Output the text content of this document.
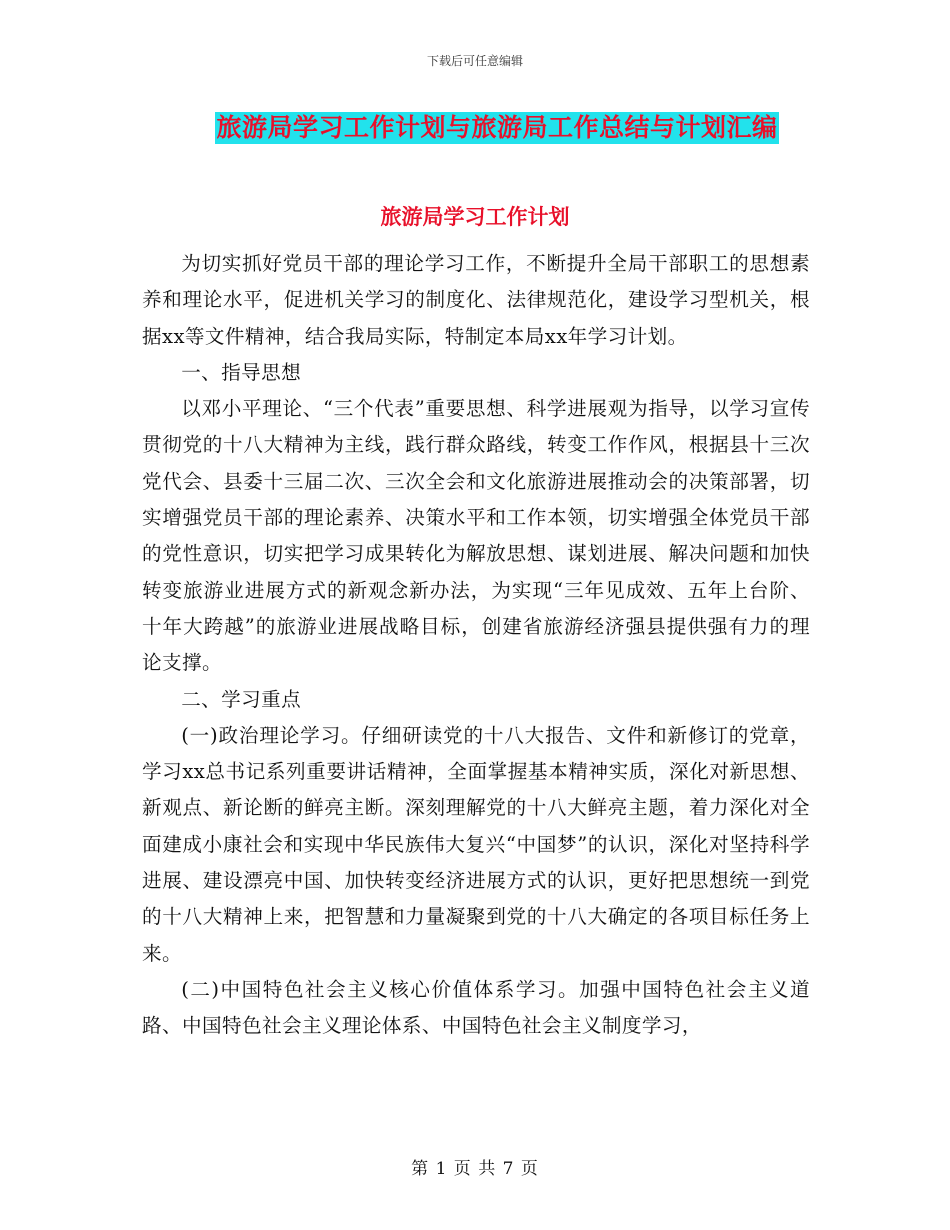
下载后可任意编辑
旅游局学习工作计划与旅游局工作总结与计划汇编
旅游局学习工作计划

为切实抓好党员干部的理论学习工作，不断提升全局干部职工的思想素养和理论水平，促进机关学习的制度化、法律规范化，建设学习型机关，根据xx等文件精神，结合我局实际，特制定本局xx年学习计划。

一、指导思想

以邓小平理论、“三个代表”重要思想、科学进展观为指导，以学习宣传贯彻党的十八大精神为主线，践行群众路线，转变工作作风，根据县十三次党代会、县委十三届二次、三次全会和文化旅游进展推动会的决策部署，切实增强党员干部的理论素养、决策水平和工作本领，切实增强全体党员干部的党性意识，切实把学习成果转化为解放思想、谋划进展、解决问题和加快转变旅游业进展方式的新观念新办法，为实现“三年见成效、五年上台阶、十年大跨越”的旅游业进展战略目标，创建省旅游经济强县提供强有力的理论支撑。

二、学习重点

(一)政治理论学习。仔细研读党的十八大报告、文件和新修订的党章，学习xx总书记系列重要讲话精神，全面掌握基本精神实质，深化对新思想、新观点、新论断的鲜亮主断。深刻理解党的十八大鲜亮主题，着力深化对全面建成小康社会和实现中华民族伟大复兴“中国梦”的认识，深化对坚持科学进展、建设漂亮中国、加快转变经济进展方式的认识，更好把思想统一到党的十八大精神上来，把智慧和力量凝聚到党的十八大确定的各项目标任务上来。

(二)中国特色社会主义核心价值体系学习。加强中国特色社会主义道路、中国特色社会主义理论体系、中国特色社会主义制度学习，

第 1 页 共 7 页
